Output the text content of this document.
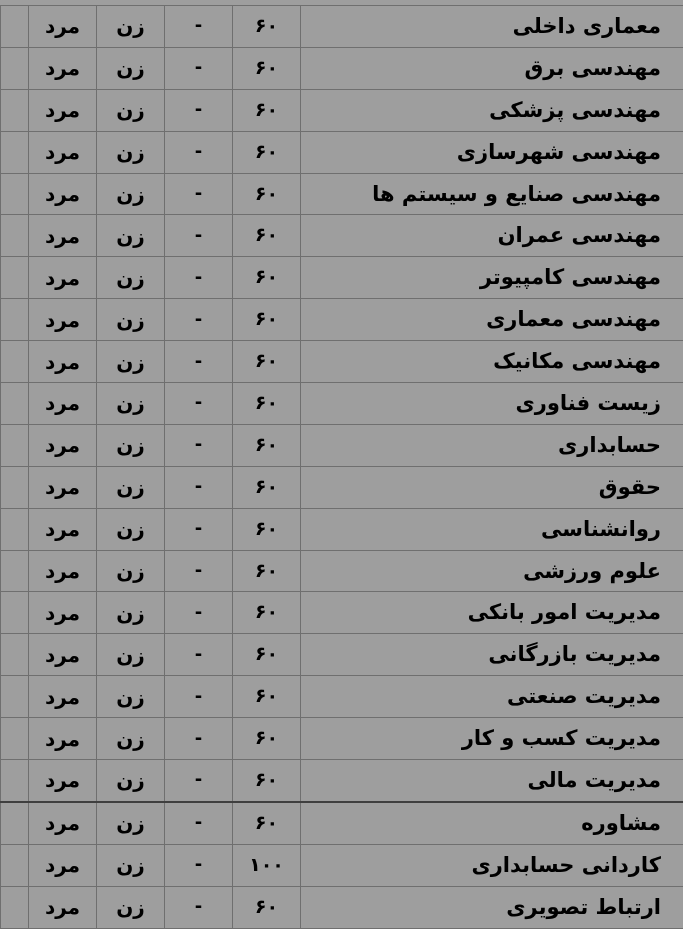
معماری داخلی	۶۰	-	زن	مرد	
مهندسی برق	۶۰	-	زن	مرد	
مهندسی پزشکی	۶۰	-	زن	مرد	
مهندسی شهرسازی	۶۰	-	زن	مرد	
مهندسی صنایع و سیستم ها	۶۰	-	زن	مرد	
مهندسی عمران	۶۰	-	زن	مرد	
مهندسی کامپیوتر	۶۰	-	زن	مرد	
مهندسی معماری	۶۰	-	زن	مرد	
مهندسی مکانیک	۶۰	-	زن	مرد	
زیست فناوری	۶۰	-	زن	مرد	
حسابداری	۶۰	-	زن	مرد	
حقوق	۶۰	-	زن	مرد	
روانشناسی	۶۰	-	زن	مرد	
علوم ورزشی	۶۰	-	زن	مرد	
مدیریت امور بانکی	۶۰	-	زن	مرد	
مدیریت بازرگانی	۶۰	-	زن	مرد	
مدیریت صنعتی	۶۰	-	زن	مرد	
مدیریت کسب و کار	۶۰	-	زن	مرد	
مدیریت مالی	۶۰	-	زن	مرد	
مشاوره	۶۰	-	زن	مرد	
کاردانی حسابداری	۱۰۰	-	زن	مرد	
ارتباط تصویری	۶۰	-	زن	مرد	
